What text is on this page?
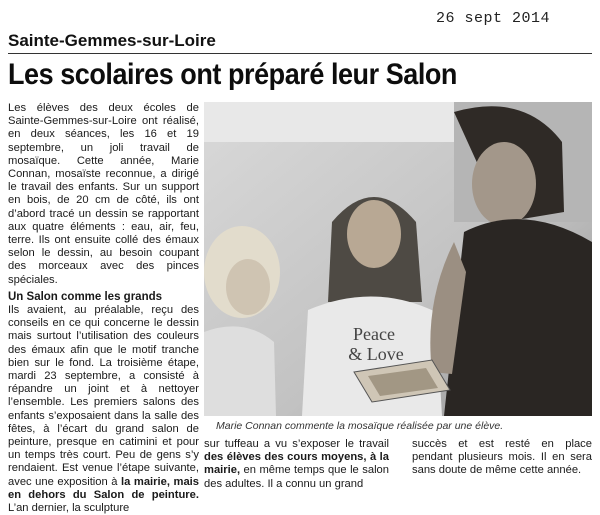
26 sept 2014
Sainte-Gemmes-sur-Loire
Les scolaires ont préparé leur Salon

Les élèves des deux écoles de Sainte-Gemmes-sur-Loire ont réalisé, en deux séances, les 16 et 19 septembre, un joli travail de mosaïque. Cette année, Marie Connan, mosaïste reconnue, a dirigé le travail des enfants. Sur un support en bois, de 20 cm de côté, ils ont d’abord tracé un dessin se rapportant aux quatre éléments : eau, air, feu, terre. Ils ont ensuite collé des émaux selon le dessin, au besoin coupant des morceaux avec des pinces spéciales.

Un Salon comme les grands

Ils avaient, au préalable, reçu des conseils en ce qui concerne le dessin mais surtout l’utilisation des couleurs des émaux afin que le motif tranche bien sur le fond. La troisième étape, mardi 23 septembre, a consisté à répandre un joint et à nettoyer l’ensemble. Les premiers salons des enfants s’exposaient dans la salle des fêtes, à l’écart du grand salon de peinture, presque en catimini et pour un temps très court. Peu de gens s’y rendaient. Est venue l’étape suivante, avec une exposition à la mairie, mais en dehors du Salon de peinture. L’an dernier, la sculpture

Peace
& Love
Marie Connan commente la mosaïque réalisée par une élève.
sur tuffeau a vu s’exposer le travail des élèves des cours moyens, à la mairie, en même temps que le salon des adultes. Il a connu un grand
succès et est resté en place pendant plusieurs mois. Il en sera sans doute de même cette année.
